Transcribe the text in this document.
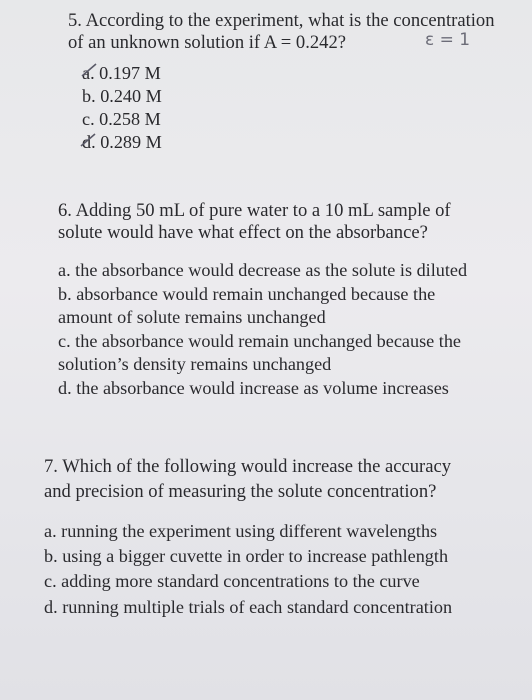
5. According to the experiment, what is the concentration
of an unknown solution if A = 0.242?	ε = 1
a. 0.197 M
b. 0.240 M
c. 0.258 M
d. 0.289 M
6. Adding 50 mL of pure water to a 10 mL sample of
solute would have what effect on the absorbance?
a. the absorbance would decrease as the solute is diluted
b. absorbance would remain unchanged because the
amount of solute remains unchanged
c. the absorbance would remain unchanged because the
solution’s density remains unchanged
d. the absorbance would increase as volume increases
7. Which of the following would increase the accuracy
and precision of measuring the solute concentration?
a. running the experiment using different wavelengths
b. using a bigger cuvette in order to increase pathlength
c. adding more standard concentrations to the curve
d. running multiple trials of each standard concentration
